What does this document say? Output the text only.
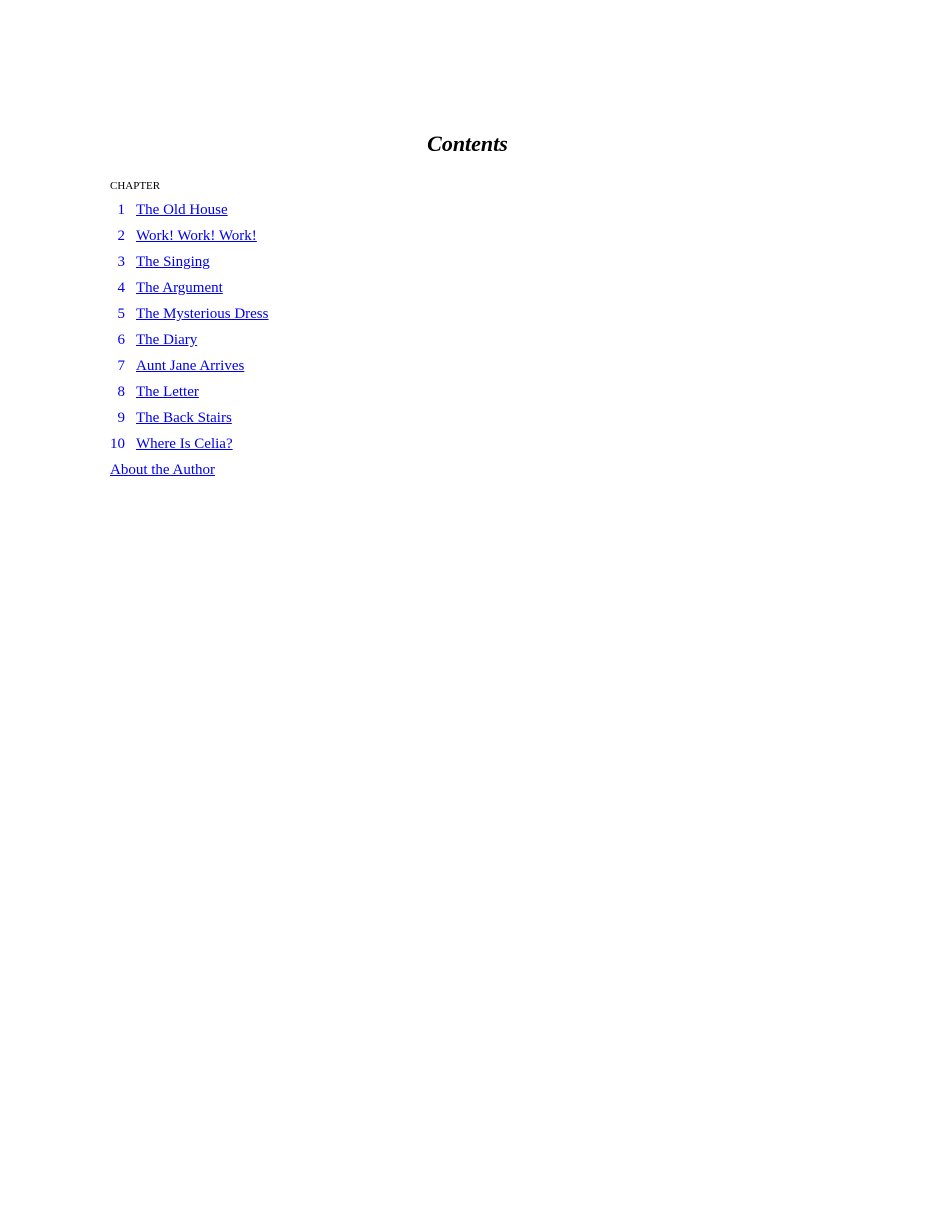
Contents
CHAPTER
1 The Old House
2 Work! Work! Work!
3 The Singing
4 The Argument
5 The Mysterious Dress
6 The Diary
7 Aunt Jane Arrives
8 The Letter
9 The Back Stairs
10 Where Is Celia?
About the Author
